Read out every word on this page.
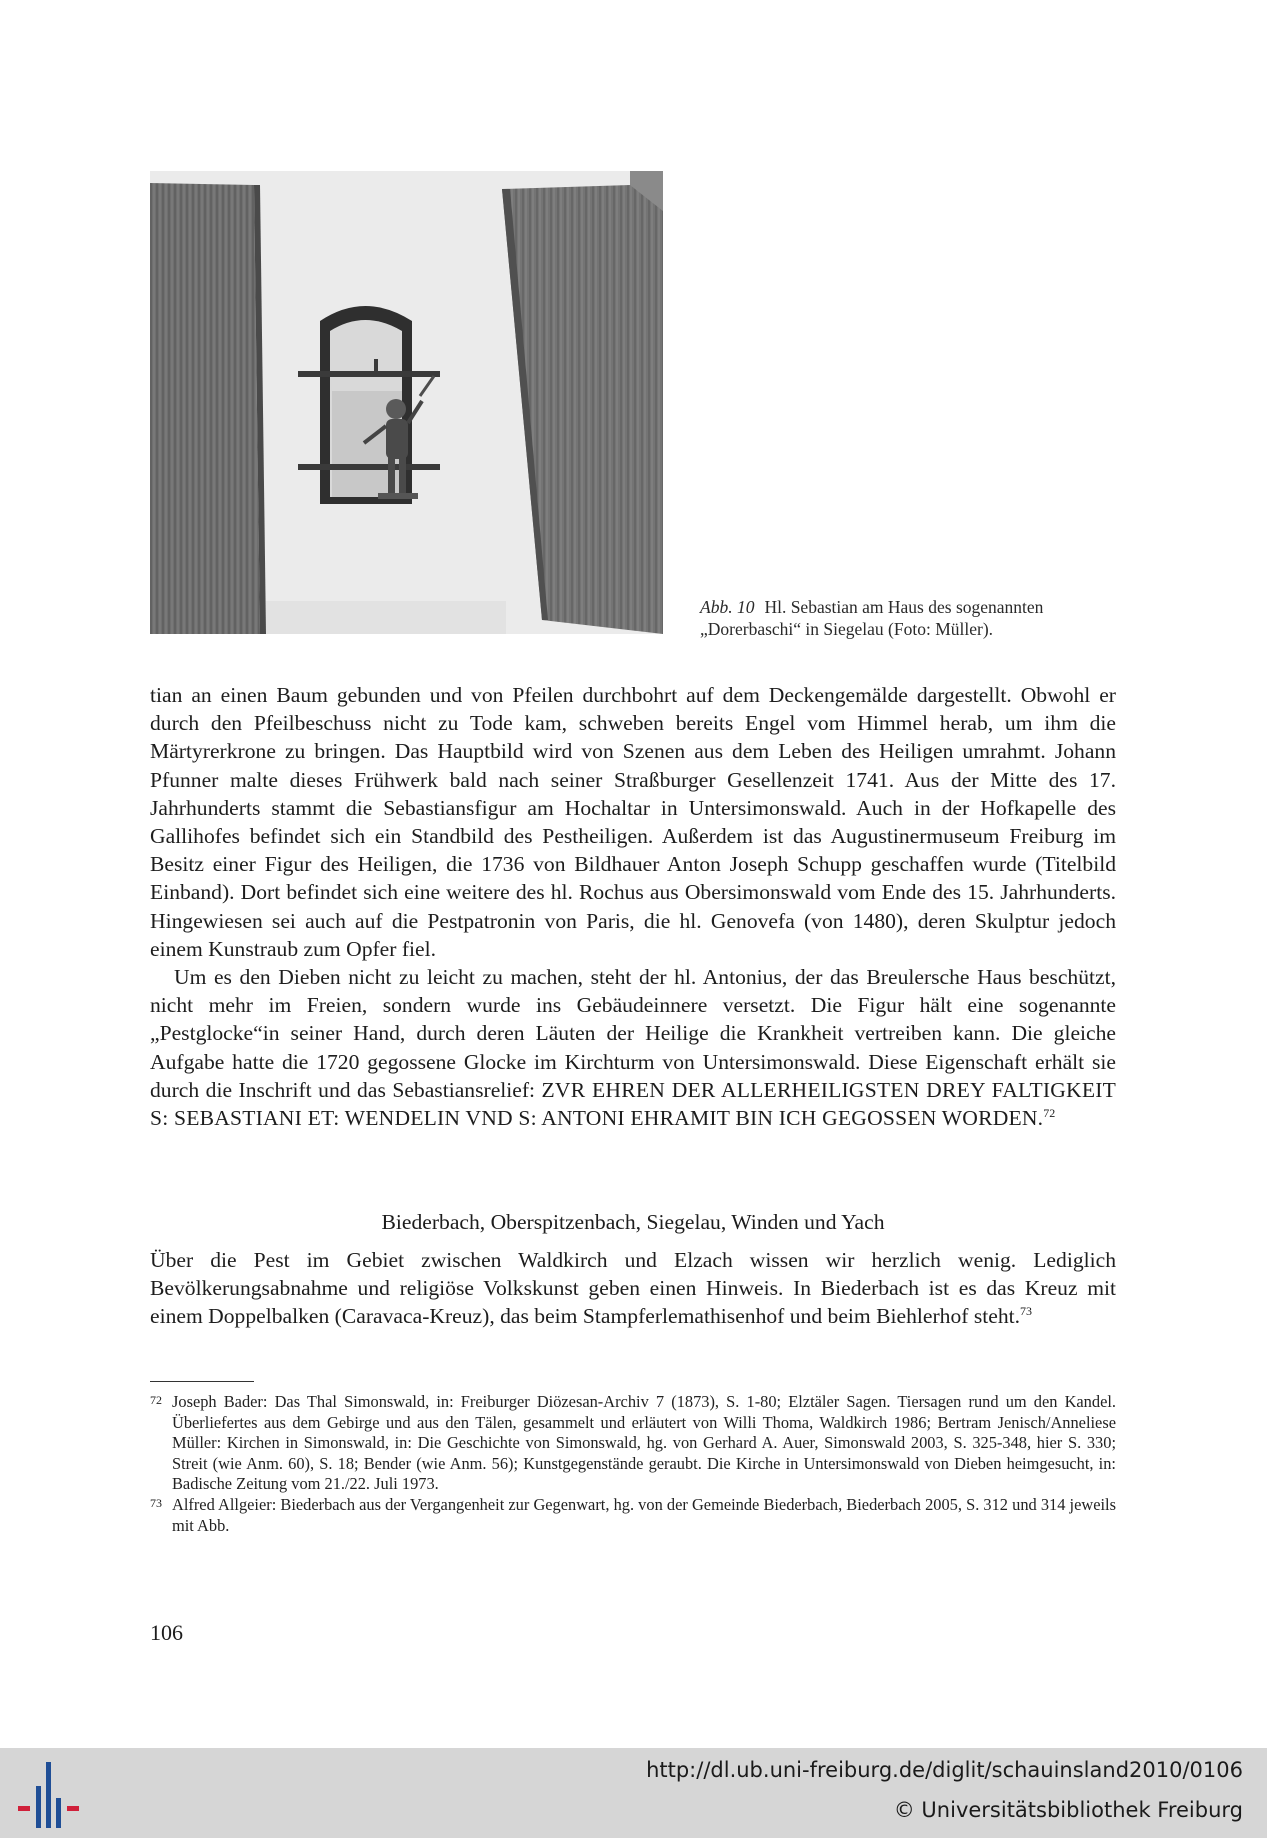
Abb. 10 Hl. Sebastian am Haus des sogenannten
„Dorerbaschi“ in Siegelau (Foto: Müller).

tian an einen Baum gebunden und von Pfeilen durchbohrt auf dem Deckengemälde dargestellt. Obwohl er durch den Pfeilbeschuss nicht zu Tode kam, schweben bereits Engel vom Himmel herab, um ihm die Märtyrerkrone zu bringen. Das Hauptbild wird von Szenen aus dem Leben des Heiligen umrahmt. Johann Pfunner malte dieses Frühwerk bald nach seiner Straßburger Gesellenzeit 1741. Aus der Mitte des 17. Jahrhunderts stammt die Sebastiansfigur am Hochaltar in Untersimonswald. Auch in der Hofkapelle des Gallihofes befindet sich ein Standbild des Pestheiligen. Außerdem ist das Augustinermuseum Freiburg im Besitz einer Figur des Heiligen, die 1736 von Bildhauer Anton Joseph Schupp geschaffen wurde (Titelbild Einband). Dort befindet sich eine weitere des hl. Rochus aus Obersimonswald vom Ende des 15. Jahrhunderts. Hingewiesen sei auch auf die Pestpatronin von Paris, die hl. Genovefa (von 1480), deren Skulptur jedoch einem Kunstraub zum Opfer fiel.

Um es den Dieben nicht zu leicht zu machen, steht der hl. Antonius, der das Breulersche Haus beschützt, nicht mehr im Freien, sondern wurde ins Gebäudeinnere versetzt. Die Figur hält eine sogenannte „Pestglocke“in seiner Hand, durch deren Läuten der Heilige die Krankheit vertreiben kann. Die gleiche Aufgabe hatte die 1720 gegossene Glocke im Kirchturm von Untersimonswald. Diese Eigenschaft erhält sie durch die Inschrift und das Sebastiansrelief: ZVR EHREN DER ALLERHEILIGSTEN DREY FALTIGKEIT S: SEBASTIANI ET: WENDELIN VND S: ANTONI EHRAMIT BIN ICH GEGOSSEN WORDEN.$^{72}$

Biederbach, Oberspitzenbach, Siegelau, Winden und Yach

Über die Pest im Gebiet zwischen Waldkirch und Elzach wissen wir herzlich wenig. Lediglich Bevölkerungsabnahme und religiöse Volkskunst geben einen Hinweis. In Biederbach ist es das Kreuz mit einem Doppelbalken (Caravaca-Kreuz), das beim Stampferlemathisenhof und beim Biehlerhof steht.$^{73}$

72 Joseph Bader: Das Thal Simonswald, in: Freiburger Diözesan-Archiv 7 (1873), S. 1-80; Elztäler Sagen. Tiersagen rund um den Kandel. Überliefertes aus dem Gebirge und aus den Tälen, gesammelt und erläutert von Willi Thoma, Waldkirch 1986; Bertram Jenisch/Anneliese Müller: Kirchen in Simonswald, in: Die Geschichte von Simonswald, hg. von Gerhard A. Auer, Simonswald 2003, S. 325-348, hier S. 330; Streit (wie Anm. 60), S. 18; Bender (wie Anm. 56); Kunstgegenstände geraubt. Die Kirche in Untersimonswald von Dieben heimgesucht, in: Badische Zeitung vom 21./22. Juli 1973.

73 Alfred Allgeier: Biederbach aus der Vergangenheit zur Gegenwart, hg. von der Gemeinde Biederbach, Biederbach 2005, S. 312 und 314 jeweils mit Abb.

106
http://dl.ub.uni-freiburg.de/diglit/schauinsland2010/0106
© Universitätsbibliothek Freiburg
